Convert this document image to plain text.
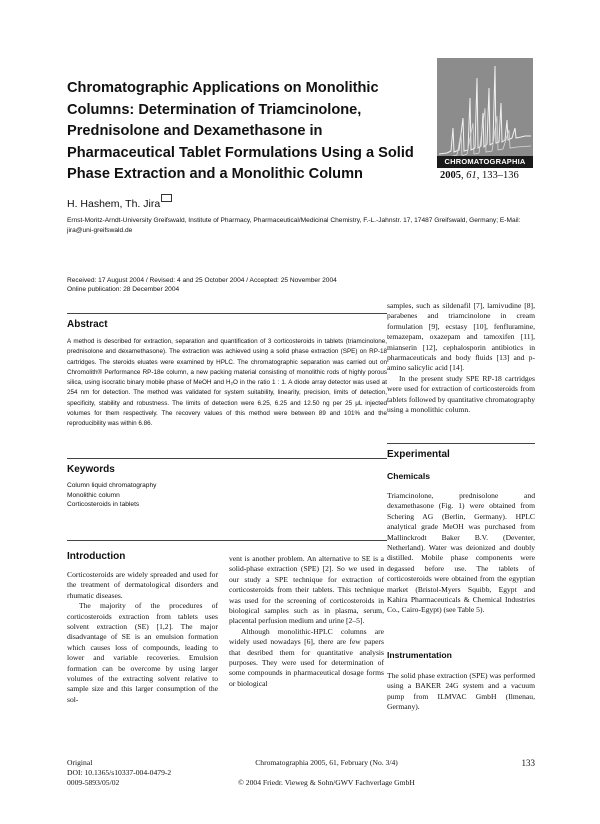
Chromatographic Applications on Monolithic Columns: Determination of Triamcinolone, Prednisolone and Dexamethasone in Pharmaceutical Tablet Formulations Using a Solid Phase Extraction and a Monolithic Column
CHROMATOGRAPHIA
2005, 61, 133–136
H. Hashem, Th. Jira
Ernst-Moritz-Arndt-University Greifswald, Institute of Pharmacy, Pharmaceutical/Medicinal Chemistry, F.-L.-Jahnstr. 17, 17487 Greifswald, Germany; E-Mail: jira@uni-greifswald.de
Received: 17 August 2004 / Revised: 4 and 25 October 2004 / Accepted: 25 November 2004
Online publication: 28 December 2004
Abstract
A method is described for extraction, separation and quantification of 3 corticosteroids in tablets (triamcinolone, prednisolone and dexamethasone). The extraction was achieved using a solid phase extraction (SPE) on RP-18 cartridges. The steroids eluates were examined by HPLC. The chromatographic separation was carried out on Chromolith® Performance RP-18e column, a new packing material consisting of monolithic rods of highly porous silica, using isocratic binary mobile phase of MeOH and H₂O in the ratio 1 : 1. A diode array detector was used at 254 nm for detection. The method was validated for system suitability, linearity, precision, limits of detection, specificity, stability and robustness. The limits of detection were 6.25, 6.25 and 12.50 ng per 25 μL injected volumes for them respectively. The recovery values of this method were between 89 and 101% and the reproducibility was within 6.86.
Keywords
Column liquid chromatography
Monolithic column
Corticosteroids in tablets
Introduction

Corticosteroids are widely spreaded and used for the treatment of dermatological disorders and rhumatic diseases.

The majority of the procedures of corticosteroids extraction from tablets uses solvent extraction (SE) [1,2]. The major disadvantage of SE is an emulsion formation which causes loss of compounds, leading to lower and variable recoveries. Emulsion formation can be overcome by using larger volumes of the extracting solvent relative to sample size and this larger consumption of the sol-

vent is another problem. An alternative to SE is a solid-phase extraction (SPE) [2]. So we used in our study a SPE technique for extraction of corticosteroids from their tablets. This technique was used for the screening of corticosteroids in biological samples such as in plasma, serum, placental perfusion medium and urine [2–5].

Although monolithic-HPLC columns are widely used nowadays [6], there are few papers that desribed them for quantitative analysis purposes. They were used for determination of some compounds in pharmaceutical dosage forms or biological

samples, such as sildenafil [7], lamivudine [8], parabenes and triamcinolone in cream formulation [9], ecstasy [10], fenfluramine, temazepam, oxazepam and tamoxifen [11], mianserin [12], cephalosporin antibiotics in pharmaceuticals and body fluids [13] and p-amino salicylic acid [14].

In the present study SPE RP-18 cartridges were used for extraction of corticosteroids from tablets followed by quantitative chromatography using a monolithic column.

Experimental
Chemicals
Triamcinolone, prednisolone and dexamethasone (Fig. 1) were obtained from Schering AG (Berlin, Germany). HPLC analytical grade MeOH was purchased from Mallinckrodt Baker B.V. (Deventer, Netherland). Water was deionized and doubly distilled. Mobile phase components were degassed before use. The tablets of corticosteroids were obtained from the egyptian market (Bristol-Myers Squibb, Egypt and Kahira Pharmaceuticals & Chemical Industries Co., Cairo-Egypt) (see Table 5).
Instrumentation
The solid phase extraction (SPE) was performed using a BAKER 24G system and a vacuum pump from ILMVAC GmbH (Ilmenau, Germany).
Original
DOI: 10.1365/s10337-004-0479-2
0009-5893/05/02
Chromatographia 2005, 61, February (No. 3/4)
© 2004 Friedr. Vieweg & Sohn/GWV Fachverlage GmbH
133
